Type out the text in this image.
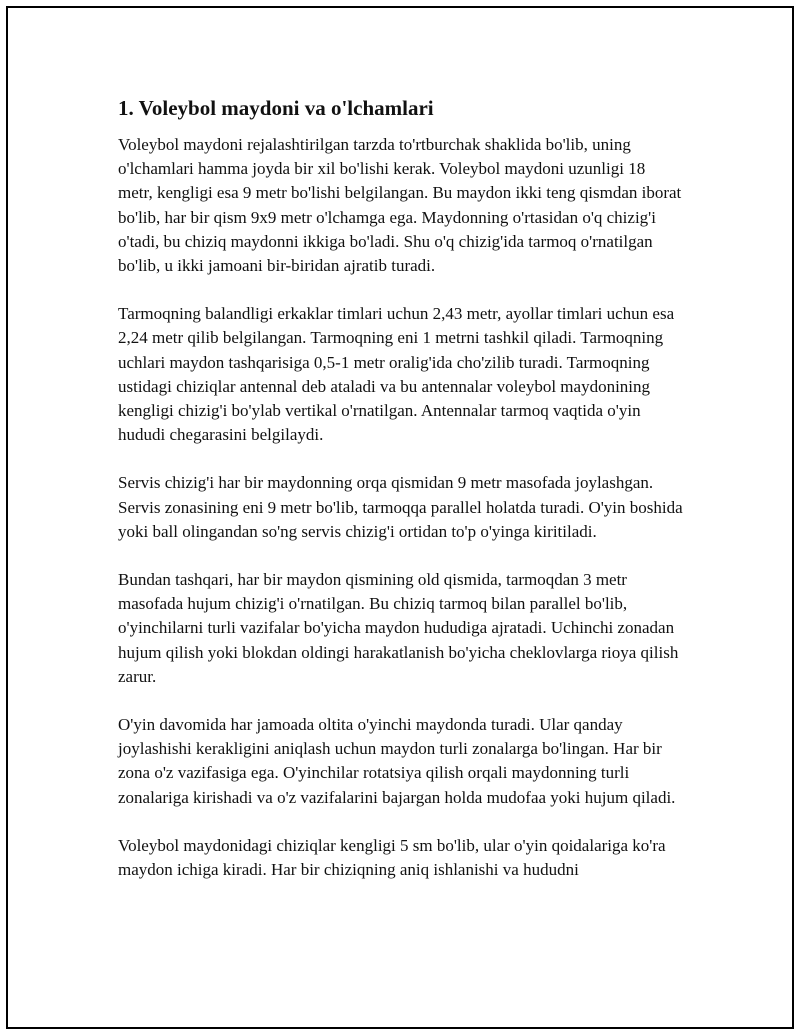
1. Voleybol maydoni va o'lchamlari

Voleybol maydoni rejalashtirilgan tarzda to'rtburchak shaklida bo'lib, uning o'lchamlari hamma joyda bir xil bo'lishi kerak. Voleybol maydoni uzunligi 18 metr, kengligi esa 9 metr bo'lishi belgilangan. Bu maydon ikki teng qismdan iborat bo'lib, har bir qism 9x9 metr o'lchamga ega. Maydonning o'rtasidan o'q chizig'i o'tadi, bu chiziq maydonni ikkiga bo'ladi. Shu o'q chizig'ida tarmoq o'rnatilgan bo'lib, u ikki jamoani bir-biridan ajratib turadi.

Tarmoqning balandligi erkaklar timlari uchun 2,43 metr, ayollar timlari uchun esa 2,24 metr qilib belgilangan. Tarmoqning eni 1 metrni tashkil qiladi. Tarmoqning uchlari maydon tashqarisiga 0,5-1 metr oralig'ida cho'zilib turadi. Tarmoqning ustidagi chiziqlar antennal deb ataladi va bu antennalar voleybol maydonining kengligi chizig'i bo'ylab vertikal o'rnatilgan. Antennalar tarmoq vaqtida o'yin hududi chegarasini belgilaydi.

Servis chizig'i har bir maydonning orqa qismidan 9 metr masofada joylashgan. Servis zonasining eni 9 metr bo'lib, tarmoqqa parallel holatda turadi. O'yin boshida yoki ball olingandan so'ng servis chizig'i ortidan to'p o'yinga kiritiladi.

Bundan tashqari, har bir maydon qismining old qismida, tarmoqdan 3 metr masofada hujum chizig'i o'rnatilgan. Bu chiziq tarmoq bilan parallel bo'lib, o'yinchilarni turli vazifalar bo'yicha maydon hududiga ajratadi. Uchinchi zonadan hujum qilish yoki blokdan oldingi harakatlanish bo'yicha cheklovlarga rioya qilish zarur.

O'yin davomida har jamoada oltita o'yinchi maydonda turadi. Ular qanday joylashishi kerakligini aniqlash uchun maydon turli zonalarga bo'lingan. Har bir zona o'z vazifasiga ega. O'yinchilar rotatsiya qilish orqali maydonning turli zonalariga kirishadi va o'z vazifalarini bajargan holda mudofaa yoki hujum qiladi.

Voleybol maydonidagi chiziqlar kengligi 5 sm bo'lib, ular o'yin qoidalariga ko'ra maydon ichiga kiradi. Har bir chiziqning aniq ishlanishi va hududni
